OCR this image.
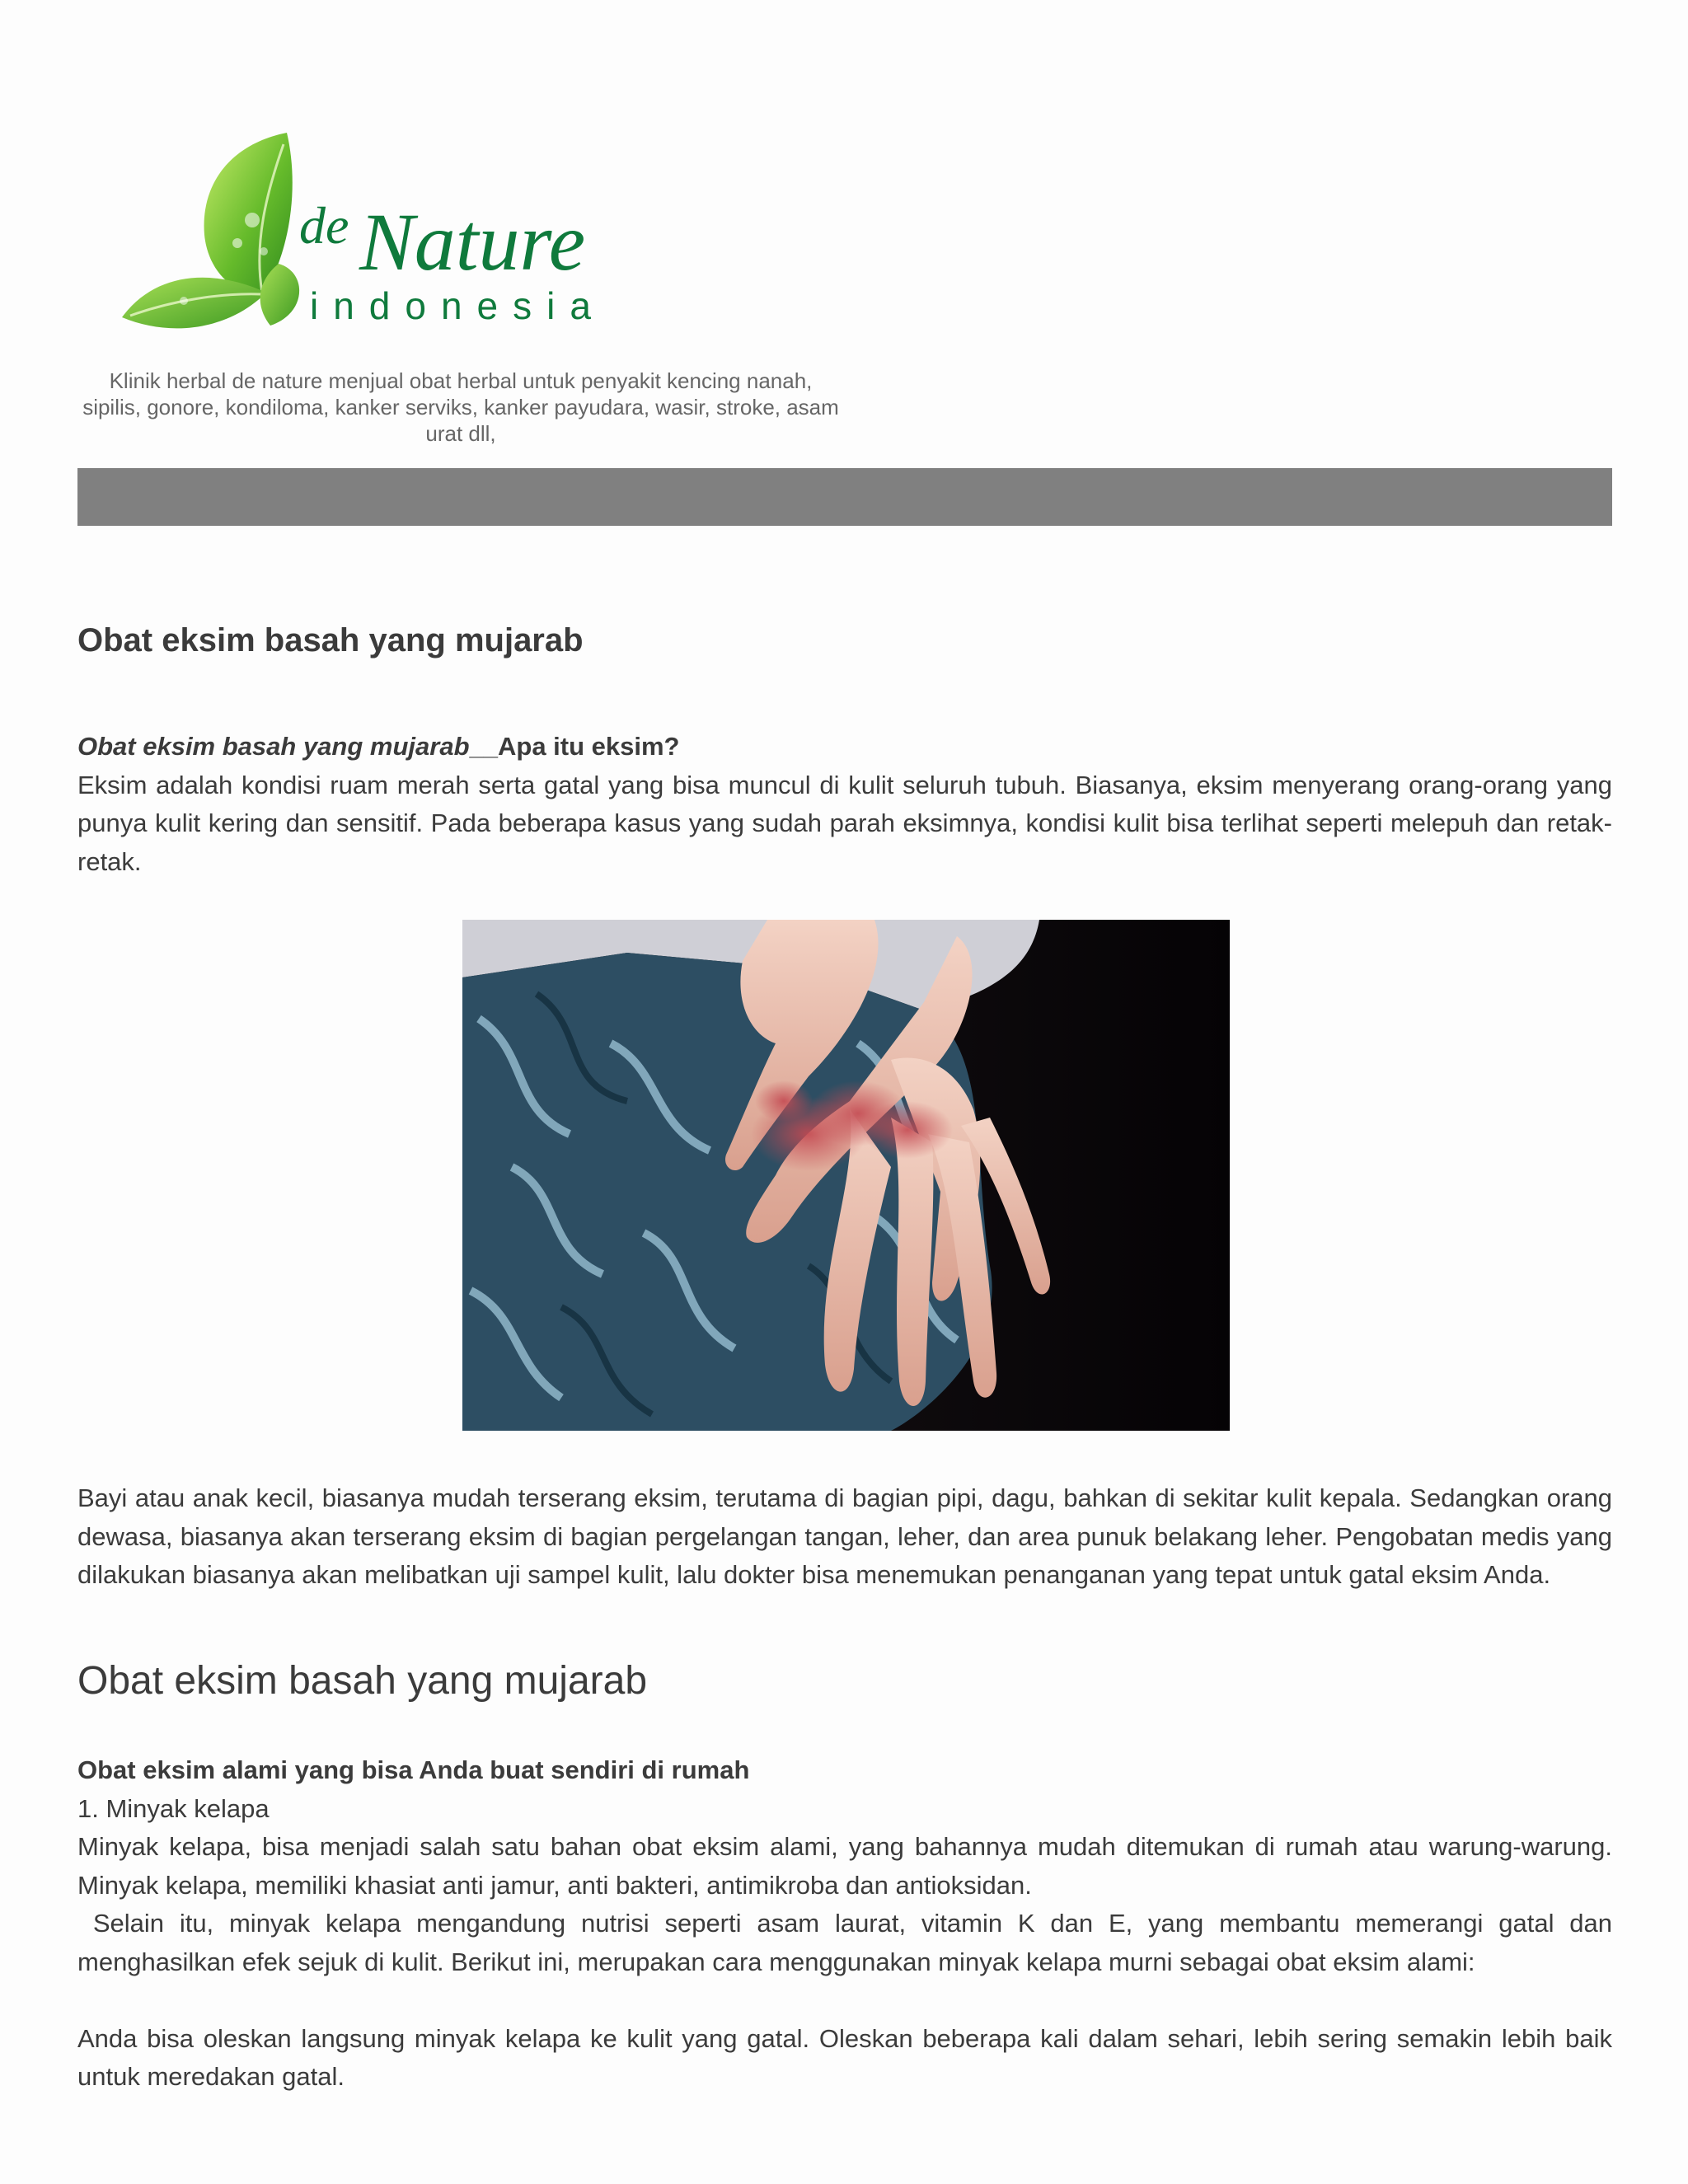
de Nature
indonesia
Klinik herbal de nature menjual obat herbal untuk penyakit kencing nanah, sipilis, gonore, kondiloma, kanker serviks, kanker payudara, wasir, stroke, asam urat dll,
Obat eksim basah yang mujarab

Obat eksim basah yang mujarab__Apa itu eksim?

Eksim adalah kondisi ruam merah serta gatal yang bisa muncul di kulit seluruh tubuh. Biasanya, eksim menyerang orang-orang yang punya kulit kering dan sensitif. Pada beberapa kasus yang sudah parah eksimnya, kondisi kulit bisa terlihat seperti melepuh dan retak-retak.

Bayi atau anak kecil, biasanya mudah terserang eksim, terutama di bagian pipi, dagu, bahkan di sekitar kulit kepala. Sedangkan orang dewasa, biasanya akan terserang eksim di bagian pergelangan tangan, leher, dan area punuk belakang leher. Pengobatan medis yang dilakukan biasanya akan melibatkan uji sampel kulit, lalu dokter bisa menemukan penanganan yang tepat untuk gatal eksim Anda.

Obat eksim basah yang mujarab

Obat eksim alami yang bisa Anda buat sendiri di rumah

1. Minyak kelapa

Minyak kelapa, bisa menjadi salah satu bahan obat eksim alami, yang bahannya mudah ditemukan di rumah atau warung-warung. Minyak kelapa, memiliki khasiat anti jamur, anti bakteri, antimikroba dan antioksidan.

Selain itu, minyak kelapa mengandung nutrisi seperti asam laurat, vitamin K dan E, yang membantu memerangi gatal dan menghasilkan efek sejuk di kulit. Berikut ini, merupakan cara menggunakan minyak kelapa murni sebagai obat eksim alami:

Anda bisa oleskan langsung minyak kelapa ke kulit yang gatal. Oleskan beberapa kali dalam sehari, lebih sering semakin lebih baik untuk meredakan gatal.
